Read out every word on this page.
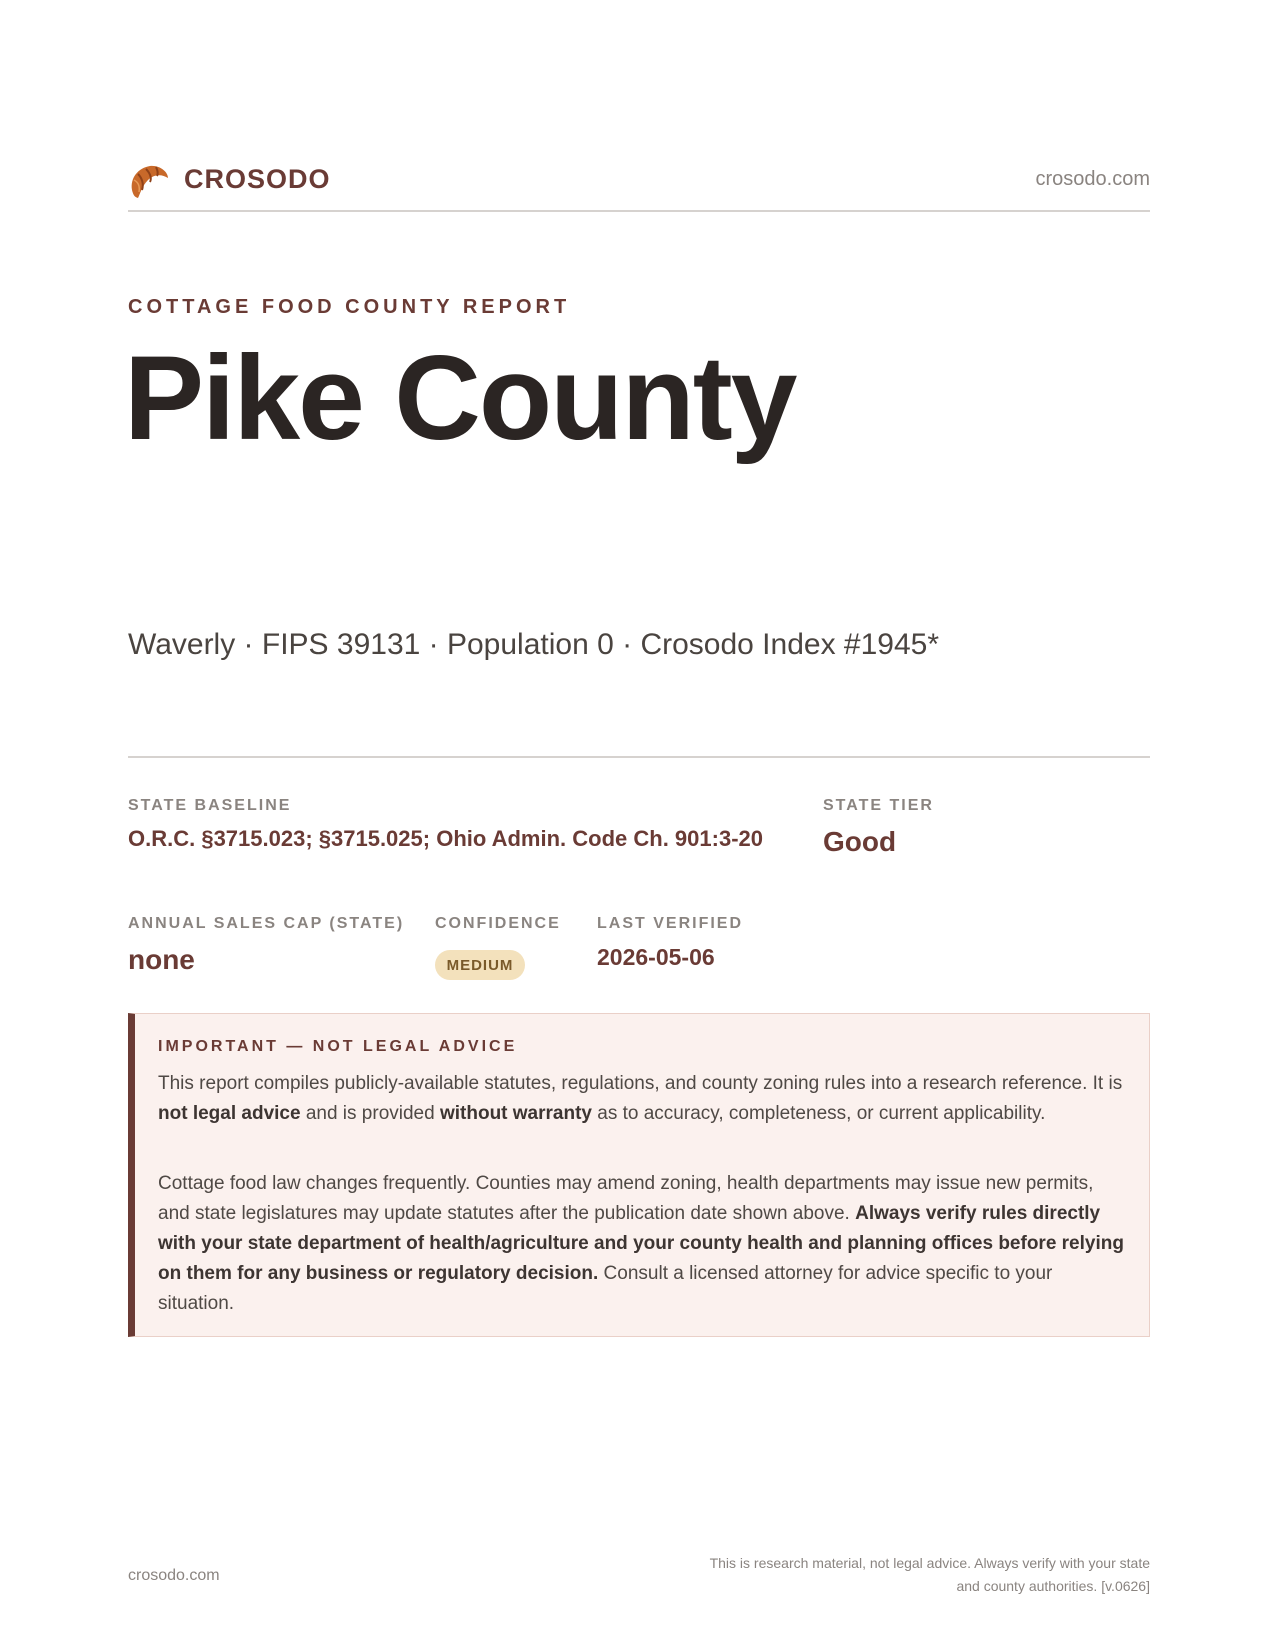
CROSODO	crosodo.com
COTTAGE FOOD COUNTY REPORT
Pike County
Waverly · FIPS 39131 · Population 0 · Crosodo Index #1945*
STATE BASELINE
O.R.C. §3715.023; §3715.025; Ohio Admin. Code Ch. 901:3-20
STATE TIER
Good
ANNUAL SALES CAP (STATE)
none
CONFIDENCE
MEDIUM
LAST VERIFIED
2026-05-06
IMPORTANT — NOT LEGAL ADVICE

This report compiles publicly-available statutes, regulations, and county zoning rules into a research reference. It is not legal advice and is provided without warranty as to accuracy, completeness, or current applicability.

Cottage food law changes frequently. Counties may amend zoning, health departments may issue new permits, and state legislatures may update statutes after the publication date shown above. Always verify rules directly with your state department of health/agriculture and your county health and planning offices before relying on them for any business or regulatory decision. Consult a licensed attorney for advice specific to your situation.

crosodo.com
This is research material, not legal advice. Always verify with your state
and county authorities. [v.0626]
